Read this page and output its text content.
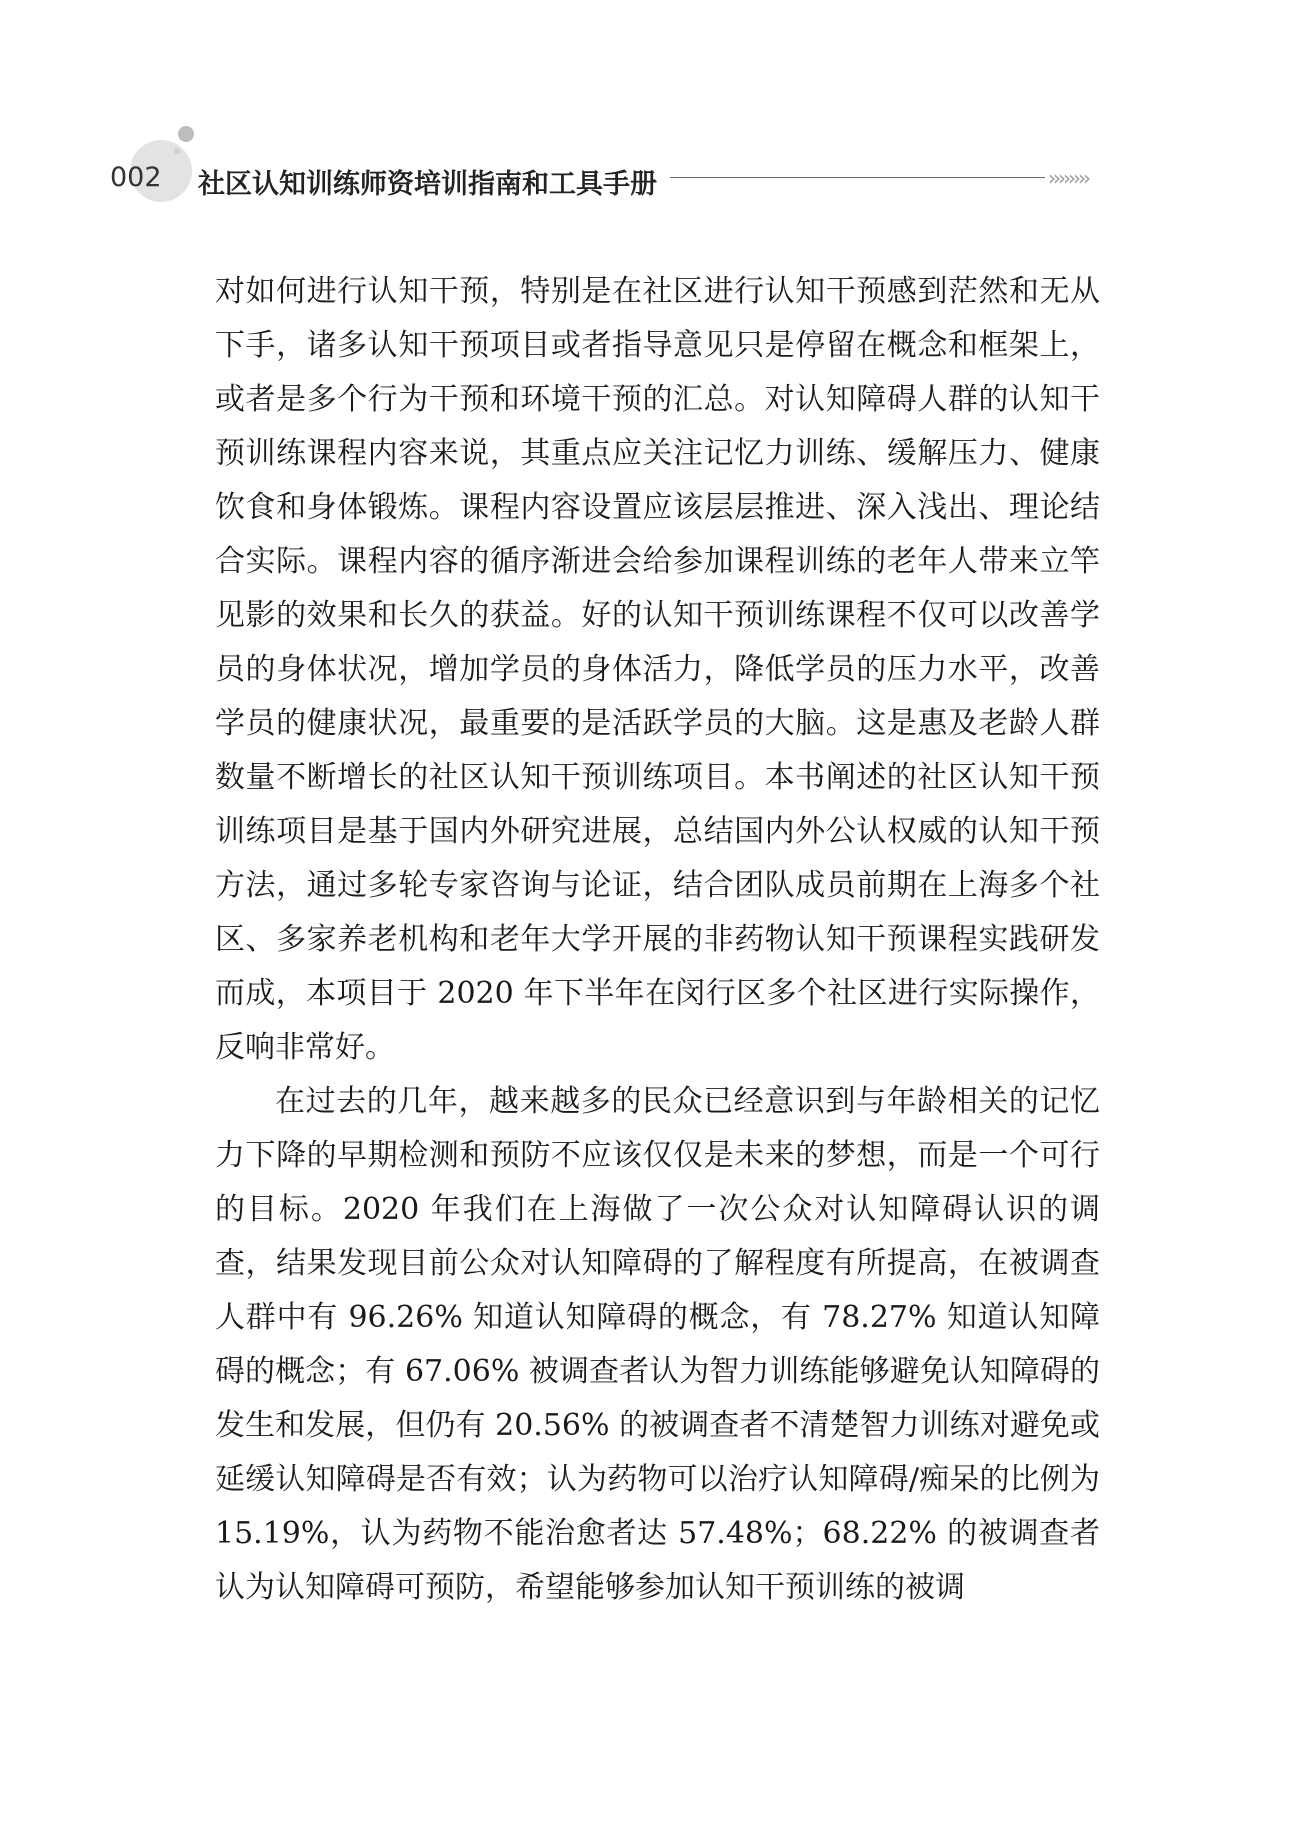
002 社区认知训练师资培训指南和工具手册	››››››››

对如何进行认知干预，特别是在社区进行认知干预感到茫然和无从下手，诸多认知干预项目或者指导意见只是停留在概念和框架上，或者是多个行为干预和环境干预的汇总。对认知障碍人群的认知干预训练课程内容来说，其重点应关注记忆力训练、缓解压力、健康饮食和身体锻炼。课程内容设置应该层层推进、深入浅出、理论结合实际。课程内容的循序渐进会给参加课程训练的老年人带来立竿见影的效果和长久的获益。好的认知干预训练课程不仅可以改善学员的身体状况，增加学员的身体活力，降低学员的压力水平，改善学员的健康状况，最重要的是活跃学员的大脑。这是惠及老龄人群数量不断增长的社区认知干预训练项目。本书阐述的社区认知干预训练项目是基于国内外研究进展，总结国内外公认权威的认知干预方法，通过多轮专家咨询与论证，结合团队成员前期在上海多个社区、多家养老机构和老年大学开展的非药物认知干预课程实践研发而成，本项目于 2020 年下半年在闵行区多个社区进行实际操作，反响非常好。

在过去的几年，越来越多的民众已经意识到与年龄相关的记忆力下降的早期检测和预防不应该仅仅是未来的梦想，而是一个可行的目标。2020 年我们在上海做了一次公众对认知障碍认识的调查，结果发现目前公众对认知障碍的了解程度有所提高，在被调查人群中有 96.26% 知道认知障碍的概念，有 78.27% 知道认知障碍的概念；有 67.06% 被调查者认为智力训练能够避免认知障碍的发生和发展，但仍有 20.56% 的被调查者不清楚智力训练对避免或延缓认知障碍是否有效；认为药物可以治疗认知障碍/痴呆的比例为 15.19%，认为药物不能治愈者达 57.48%；68.22% 的被调查者认为认知障碍可预防，希望能够参加认知干预训练的被调
